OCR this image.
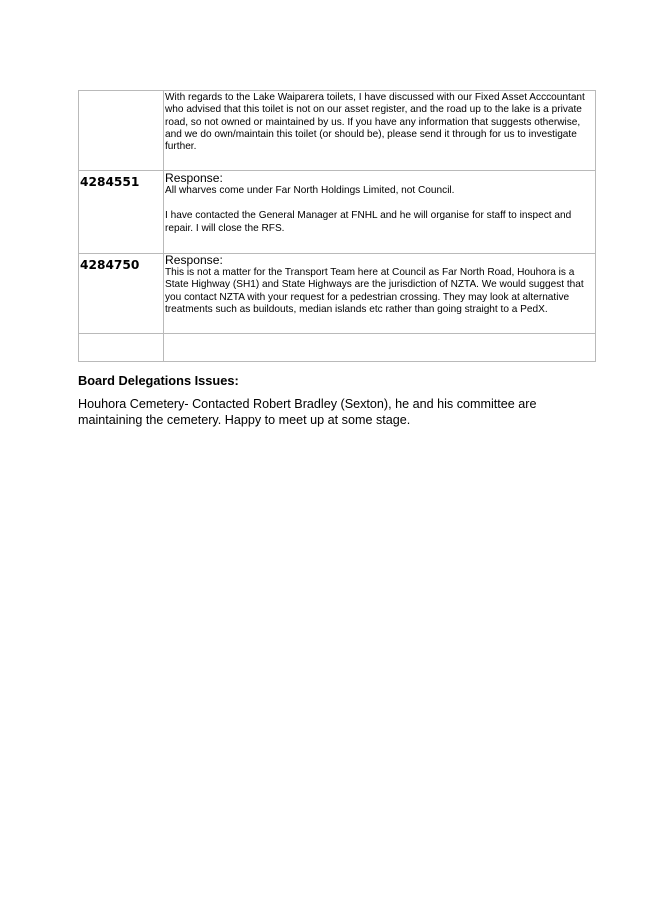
	With regards to the Lake Waiparera toilets, I have discussed with our Fixed Asset Acccountant who advised that this toilet is not on our asset register, and the road up to the lake is a private road, so not owned or maintained by us. If you have any information that suggests otherwise, and we do own/maintain this toilet (or should be), please send it through for us to investigate further.

4284551	Response:

All wharves come under Far North Holdings Limited, not Council.

I have contacted the General Manager at FNHL and he will organise for staff to inspect and repair. I will close the RFS.

4284750	Response:

This is not a matter for the Transport Team here at Council as Far North Road, Houhora is a State Highway (SH1) and State Highways are the jurisdiction of NZTA. We would suggest that you contact NZTA with your request for a pedestrian crossing. They may look at alternative treatments such as buildouts, median islands etc rather than going straight to a PedX.

Board Delegations Issues:

Houhora Cemetery- Contacted Robert Bradley (Sexton), he and his committee are maintaining the cemetery. Happy to meet up at some stage.
